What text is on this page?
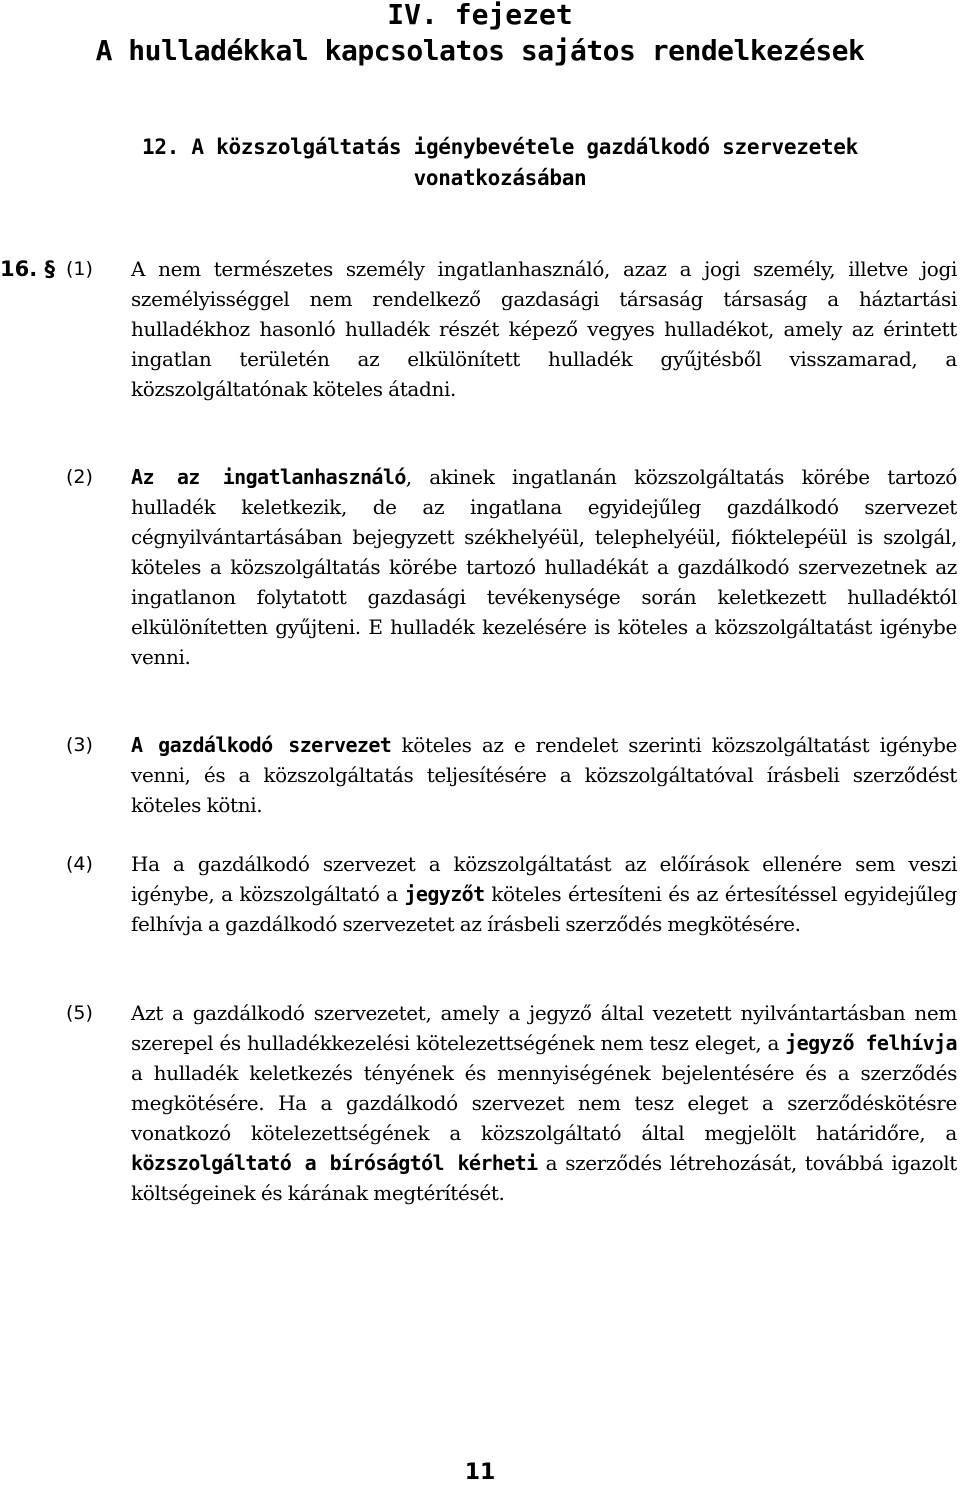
IV. fejezet
A hulladékkal kapcsolatos sajátos rendelkezések
12. A közszolgáltatás igénybevétele gazdálkodó szervezetek vonatkozásában
16. § (1) A nem természetes személy ingatlanhasználó, azaz a jogi személy, illetve jogi személyisséggel nem rendelkező gazdasági társaság társaság a háztartási hulladékhoz hasonló hulladék részét képező vegyes hulladékot, amely az érintett ingatlan területén az elkülönített hulladék gyűjtésből visszamarad, a közszolgáltatónak köteles átadni.
(2) Az az ingatlanhasználó, akinek ingatlanán közszolgáltatás körébe tartozó hulladék keletkezik, de az ingatlana egyidejűleg gazdálkodó szervezet cégnyilvántartásában bejegyzett székhelyéül, telephelyéül, fióktelepéül is szolgál, köteles a közszolgáltatás körébe tartozó hulladékát a gazdálkodó szervezetnek az ingatlanon folytatott gazdasági tevékenysége során keletkezett hulladéktól elkülönítetten gyűjteni. E hulladék kezelésére is köteles a közszolgáltatást igénybe venni.
(3) A gazdálkodó szervezet köteles az e rendelet szerinti közszolgáltatást igénybe venni, és a közszolgáltatás teljesítésére a közszolgáltatóval írásbeli szerződést köteles kötni.
(4) Ha a gazdálkodó szervezet a közszolgáltatást az előírások ellenére sem veszi igénybe, a közszolgáltató a jegyzőt köteles értesíteni és az értesítéssel egyidejűleg felhívja a gazdálkodó szervezetet az írásbeli szerződés megkötésére.
(5) Azt a gazdálkodó szervezetet, amely a jegyző által vezetett nyilvántartásban nem szerepel és hulladékkezelési kötelezettségének nem tesz eleget, a jegyző felhívja a hulladék keletkezés tényének és mennyiségének bejelentésére és a szerződés megkötésére. Ha a gazdálkodó szervezet nem tesz eleget a szerződéskötésre vonatkozó kötelezettségének a közszolgáltató által megjelölt határidőre, a közszolgáltató a bíróságtól kérheti a szerződés létrehozását, továbbá igazolt költségeinek és kárának megtérítését.
11
